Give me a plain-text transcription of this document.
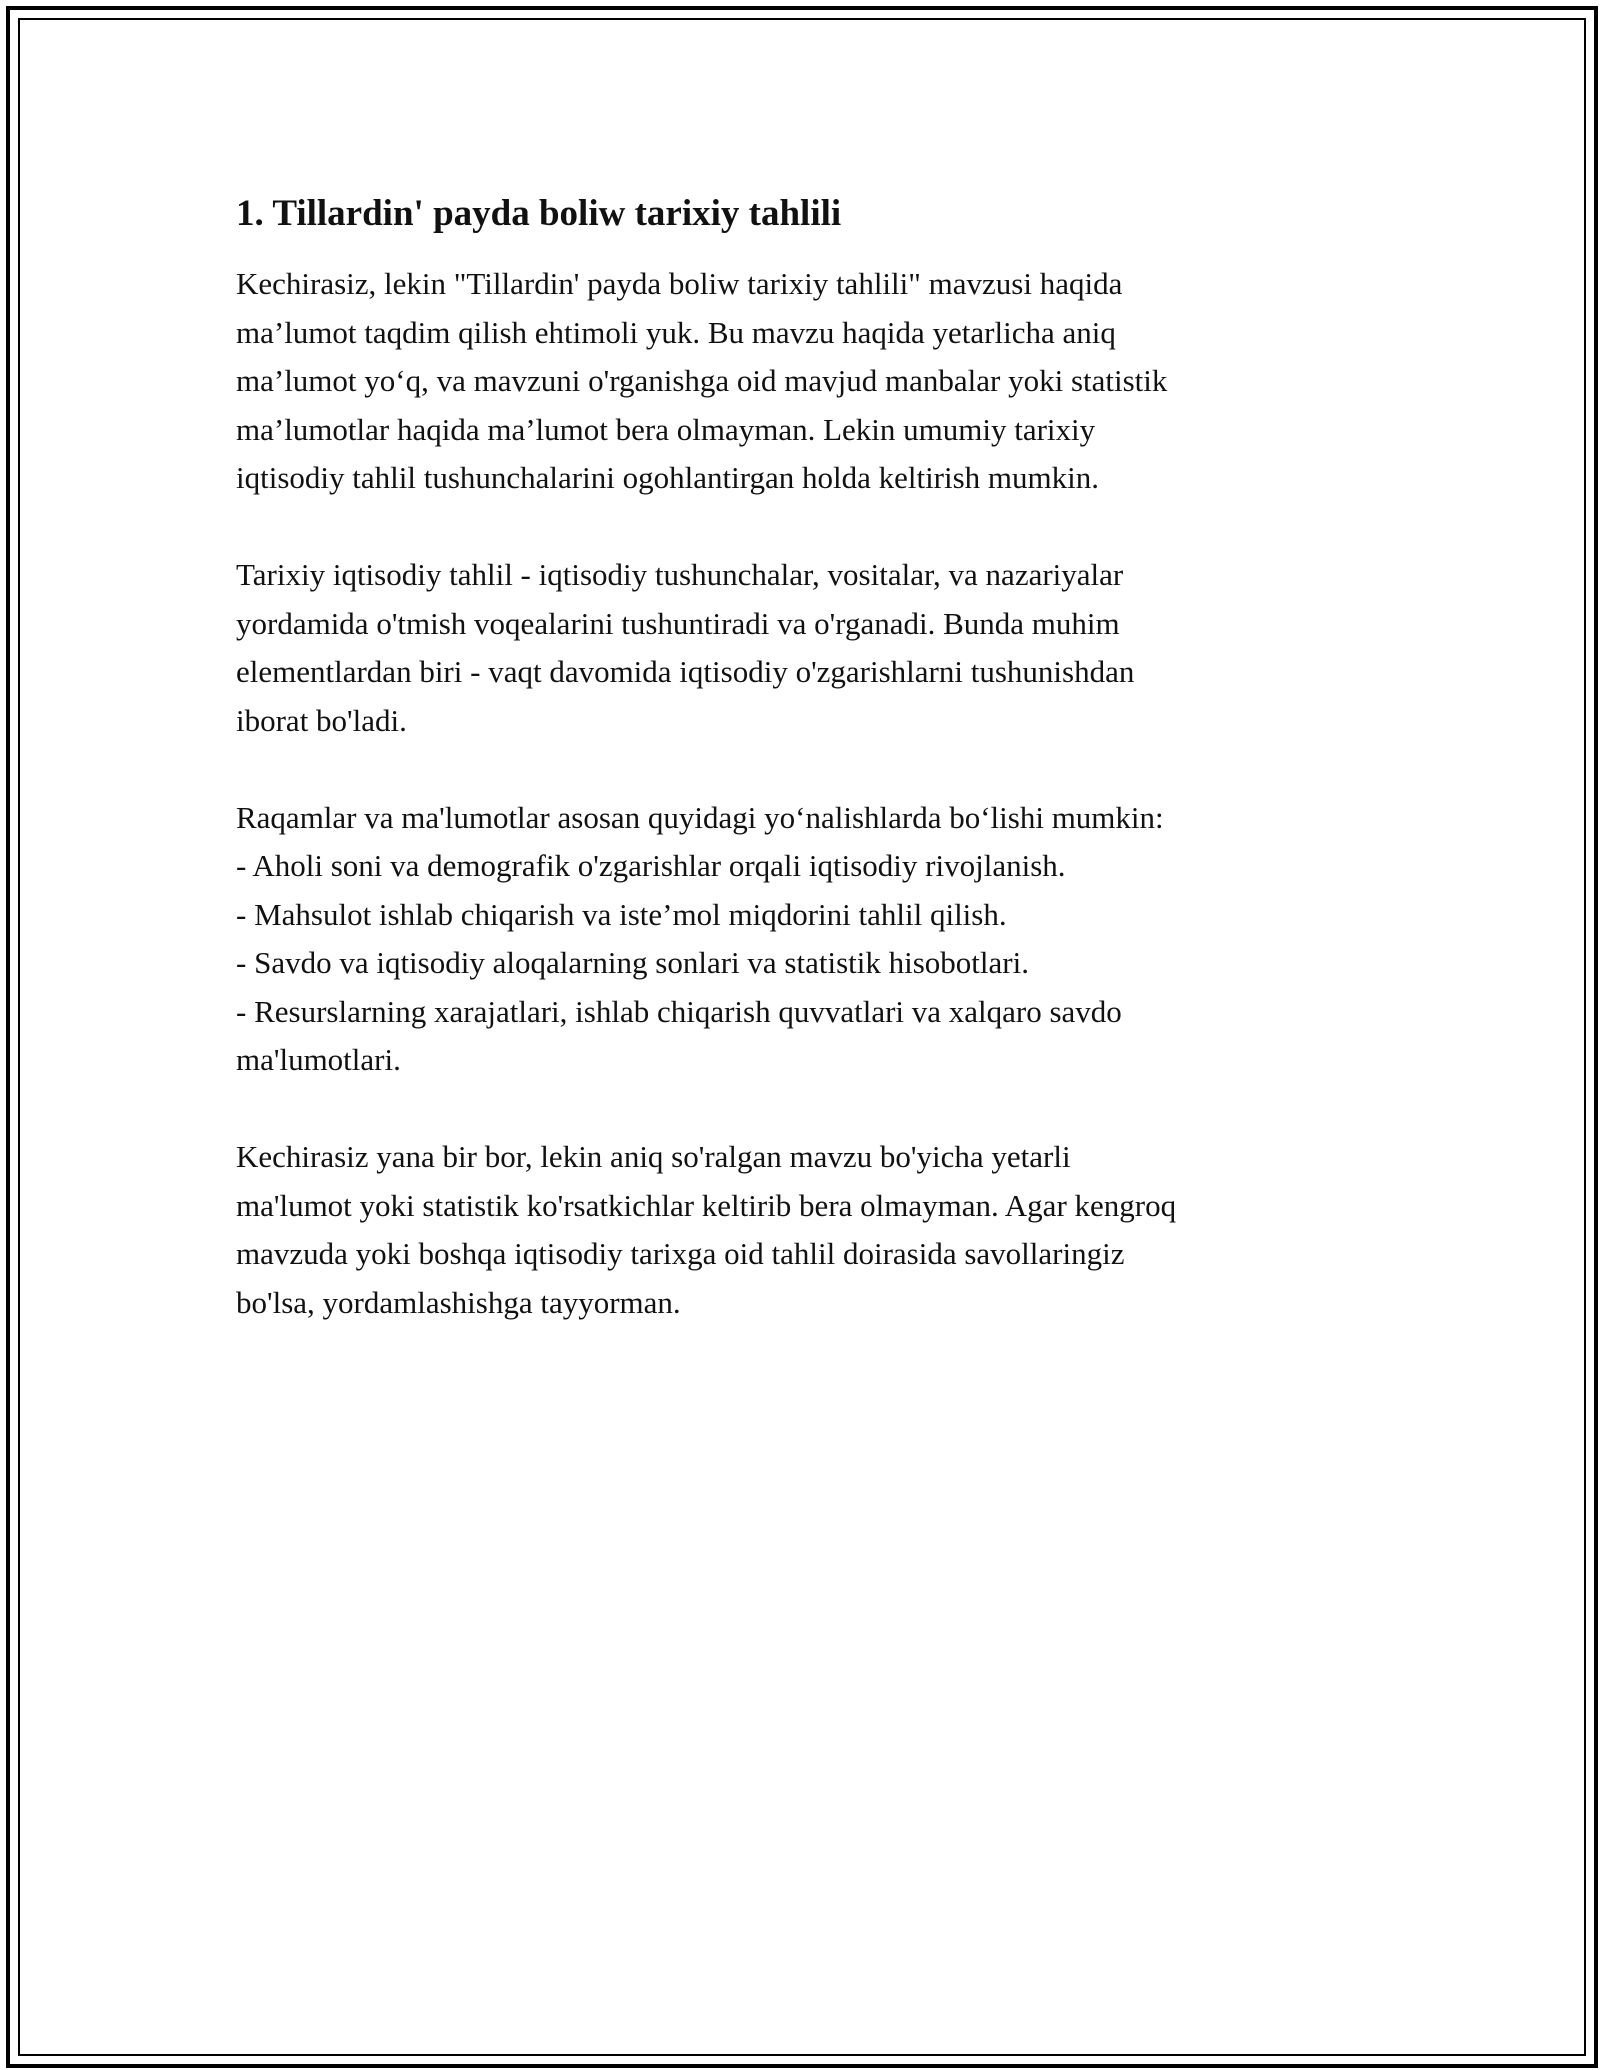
1. Tillardin' payda boliw tarixiy tahlili

Kechirasiz, lekin "Tillardin' payda boliw tarixiy tahlili" mavzusi haqida
ma’lumot taqdim qilish ehtimoli yuk. Bu mavzu haqida yetarlicha aniq
ma’lumot yo‘q, va mavzuni o'rganishga oid mavjud manbalar yoki statistik
ma’lumotlar haqida ma’lumot bera olmayman. Lekin umumiy tarixiy
iqtisodiy tahlil tushunchalarini ogohlantirgan holda keltirish mumkin.

Tarixiy iqtisodiy tahlil - iqtisodiy tushunchalar, vositalar, va nazariyalar
yordamida o'tmish voqealarini tushuntiradi va o'rganadi. Bunda muhim
elementlardan biri - vaqt davomida iqtisodiy o'zgarishlarni tushunishdan
iborat bo'ladi.

Raqamlar va ma'lumotlar asosan quyidagi yo‘nalishlarda bo‘lishi mumkin:
- Aholi soni va demografik o'zgarishlar orqali iqtisodiy rivojlanish.
- Mahsulot ishlab chiqarish va iste’mol miqdorini tahlil qilish.
- Savdo va iqtisodiy aloqalarning sonlari va statistik hisobotlari.
- Resurslarning xarajatlari, ishlab chiqarish quvvatlari va xalqaro savdo
ma'lumotlari.

Kechirasiz yana bir bor, lekin aniq so'ralgan mavzu bo'yicha yetarli
ma'lumot yoki statistik ko'rsatkichlar keltirib bera olmayman. Agar kengroq
mavzuda yoki boshqa iqtisodiy tarixga oid tahlil doirasida savollaringiz
bo'lsa, yordamlashishga tayyorman.
